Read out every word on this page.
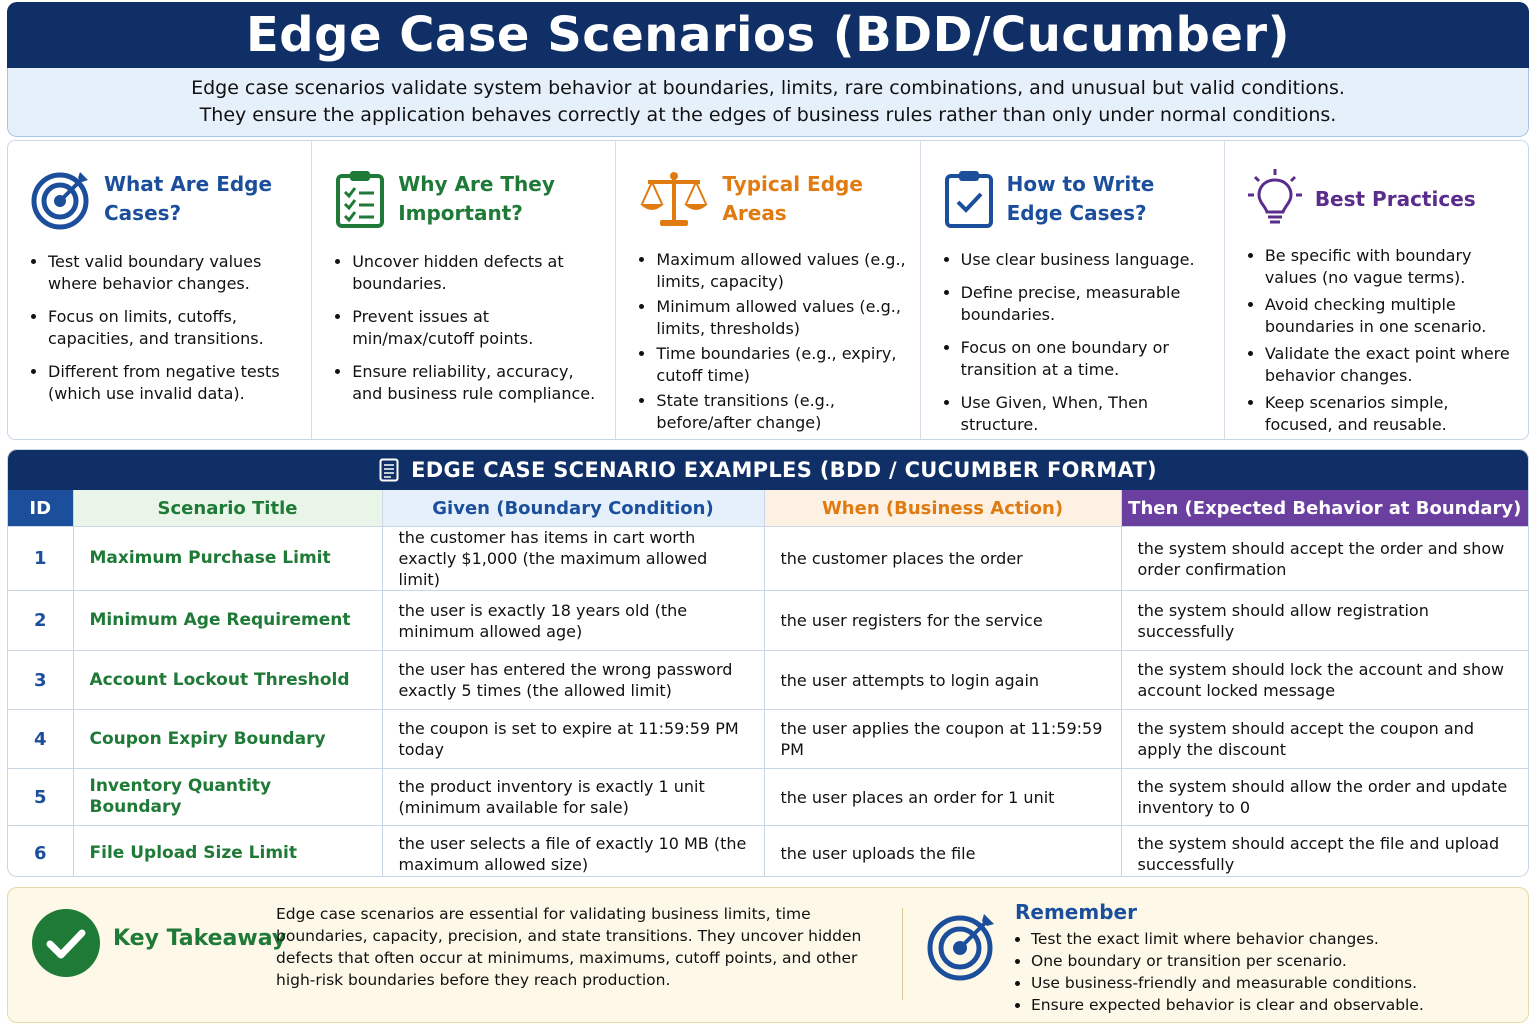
Edge Case Scenarios (BDD/Cucumber)

Edge case scenarios validate system behavior at boundaries, limits, rare combinations, and unusual but valid conditions.

They ensure the application behaves correctly at the edges of business rules rather than only under normal conditions.

What Are Edge Cases?
• Test valid boundary values where behavior changes.
• Focus on limits, cutoffs, capacities, and transitions.
• Different from negative tests (which use invalid data).
Why Are They
Important?
• Uncover hidden defects at boundaries.
• Prevent issues at min/max/cutoff points.
• Ensure reliability, accuracy, and business rule compliance.
Typical Edge
Areas
• Maximum allowed values (e.g., limits, capacity)
• Minimum allowed values (e.g., limits, thresholds)
• Time boundaries (e.g., expiry, cutoff time)
• State transitions (e.g., before/after change)
How to Write
Edge Cases?
• Use clear business language.
• Define precise, measurable boundaries.
• Focus on one boundary or transition at a time.
• Use Given, When, Then structure.
Best Practices
• Be specific with boundary values (no vague terms).
• Avoid checking multiple boundaries in one scenario.
• Validate the exact point where behavior changes.
• Keep scenarios simple, focused, and reusable.
EDGE CASE SCENARIO EXAMPLES (BDD / CUCUMBER FORMAT)
ID	Scenario Title	Given (Boundary Condition)	When (Business Action)	Then (Expected Behavior at Boundary)
1	Maximum Purchase Limit	the customer has items in cart worth exactly $1,000 (the maximum allowed limit)	the customer places the order	the system should accept the order and show order confirmation
2	Minimum Age Requirement	the user is exactly 18 years old (the minimum allowed age)	the user registers for the service	the system should allow registration successfully
3	Account Lockout Threshold	the user has entered the wrong password exactly 5 times (the allowed limit)	the user attempts to login again	the system should lock the account and show account locked message
4	Coupon Expiry Boundary	the coupon is set to expire at 11:59:59 PM today	the user applies the coupon at 11:59:59 PM	the system should accept the coupon and apply the discount
5	Inventory Quantity Boundary	the product inventory is exactly 1 unit (minimum available for sale)	the user places an order for 1 unit	the system should allow the order and update inventory to 0
6	File Upload Size Limit	the user selects a file of exactly 10 MB (the maximum allowed size)	the user uploads the file	the system should accept the file and upload successfully
Key Takeaway

Edge case scenarios are essential for validating business limits, time boundaries, capacity, precision, and state transitions. They uncover hidden defects that often occur at minimums, maximums, cutoff points, and other high-risk boundaries before they reach production.

Remember
• Test the exact limit where behavior changes.
• One boundary or transition per scenario.
• Use business-friendly and measurable conditions.
• Ensure expected behavior is clear and observable.
